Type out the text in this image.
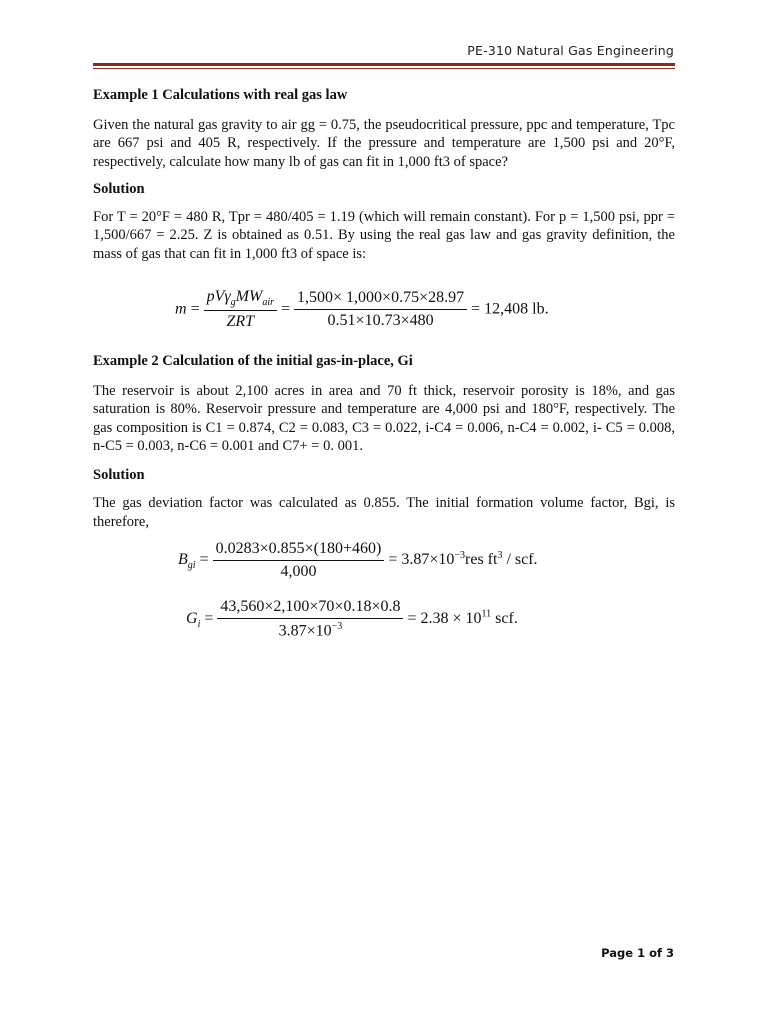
PE-310 Natural Gas Engineering

Example 1 Calculations with real gas law

Given the natural gas gravity to air gg = 0.75, the pseudocritical pressure, ppc and temperature, Tpc are 667 psi and 405 R, respectively. If the pressure and temperature are 1,500 psi and 20°F, respectively, calculate how many lb of gas can fit in 1,000 ft3 of space?

Solution

For T = 20°F = 480 R, Tpr = 480/405 = 1.19 (which will remain constant). For p = 1,500 psi, ppr = 1,500/667 = 2.25. Z is obtained as 0.51. By using the real gas law and gas gravity definition, the mass of gas that can fit in 1,000 ft3 of space is:

$m = \frac{pV\gamma_gMW_{air}}{\text{ZRT}} = \frac{1,500\times 1,000\times 0.75\times 28.97}{0.51\times 10.73\times 480} = 12,408$ lb.

Example 2 Calculation of the initial gas-in-place, Gi

The reservoir is about 2,100 acres in area and 70 ft thick, reservoir porosity is 18%, and gas saturation is 80%. Reservoir pressure and temperature are 4,000 psi and 180°F, respectively. The gas composition is C1 = 0.874, C2 = 0.083, C3 = 0.022, i-C4 = 0.006, n-C4 = 0.002, i- C5 = 0.008, n-C5 = 0.003, n-C6 = 0.001 and C7+ = 0. 001.

Solution

The gas deviation factor was calculated as 0.855. The initial formation volume factor, Bgi, is therefore,

$B_{gi} = \frac{0.0283\times 0.855\times(180+460)}{4,000} = 3.87\times 10^{-3}res$ $ft^3$ / scf.
$G_i = \frac{43,560\times 2,100\times 70\times 0.18\times 0.8}{3.87\times 10^{-3}} = 2.38 \times 10^{11}$ scf.
Page 1 of 3
